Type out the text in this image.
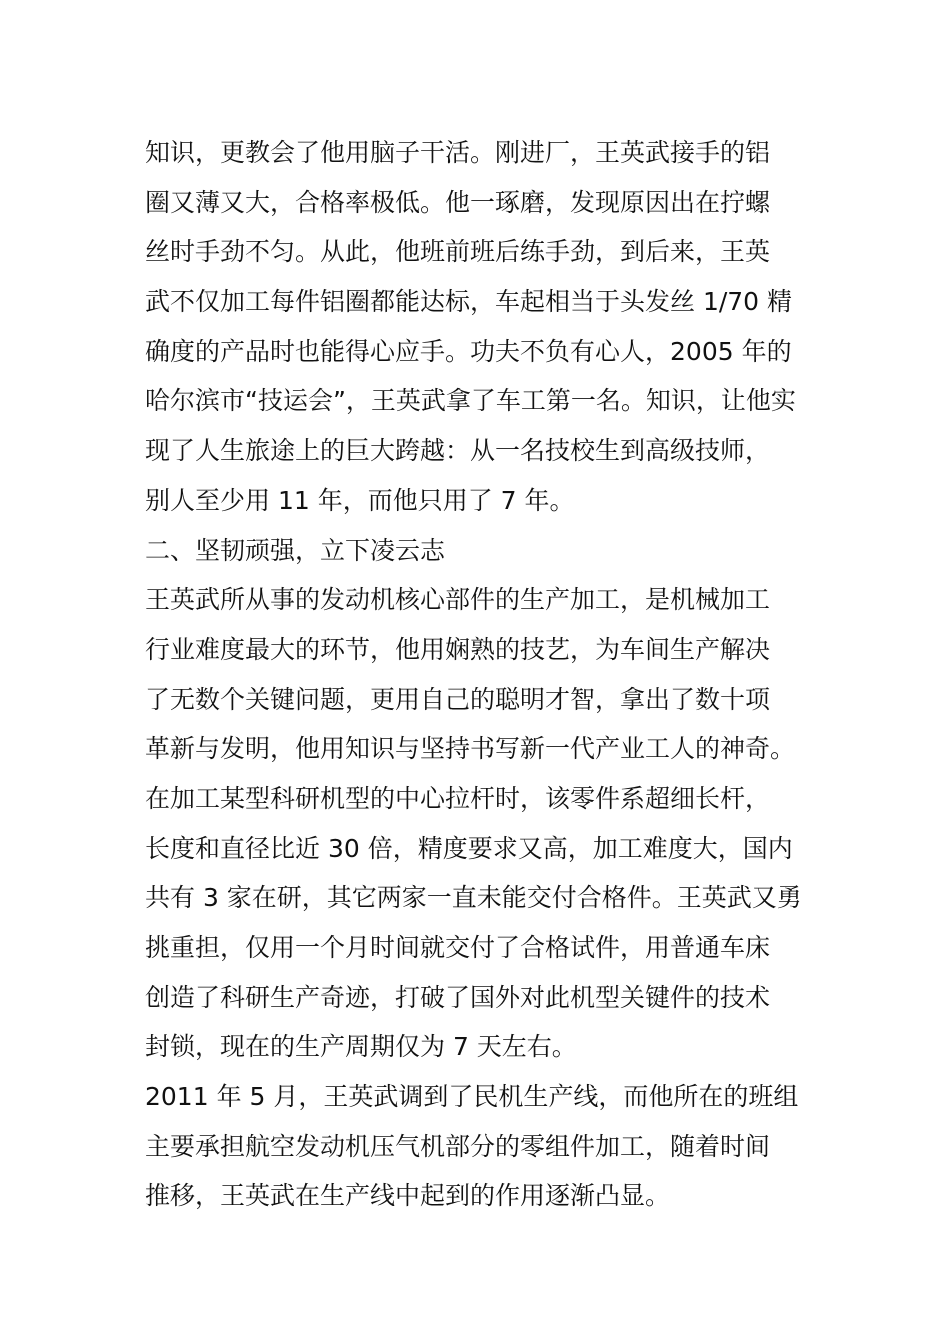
知识，更教会了他用脑子干活。刚进厂，王英武接手的铝
圈又薄又大，合格率极低。他一琢磨，发现原因出在拧螺
丝时手劲不匀。从此，他班前班后练手劲，到后来，王英
武不仅加工每件铝圈都能达标，车起相当于头发丝 1/70 精
确度的产品时也能得心应手。功夫不负有心人，2005 年的
哈尔滨市“技运会”，王英武拿了车工第一名。知识，让他实
现了人生旅途上的巨大跨越：从一名技校生到高级技师，
别人至少用 11 年，而他只用了 7 年。
二、坚韧顽强，立下凌云志
王英武所从事的发动机核心部件的生产加工，是机械加工
行业难度最大的环节，他用娴熟的技艺，为车间生产解决
了无数个关键问题，更用自己的聪明才智，拿出了数十项
革新与发明，他用知识与坚持书写新一代产业工人的神奇。
在加工某型科研机型的中心拉杆时，该零件系超细长杆，
长度和直径比近 30 倍，精度要求又高，加工难度大，国内
共有 3 家在研，其它两家一直未能交付合格件。王英武又勇
挑重担，仅用一个月时间就交付了合格试件，用普通车床
创造了科研生产奇迹，打破了国外对此机型关键件的技术
封锁，现在的生产周期仅为 7 天左右。
2011 年 5 月，王英武调到了民机生产线，而他所在的班组
主要承担航空发动机压气机部分的零组件加工，随着时间
推移，王英武在生产线中起到的作用逐渐凸显。
